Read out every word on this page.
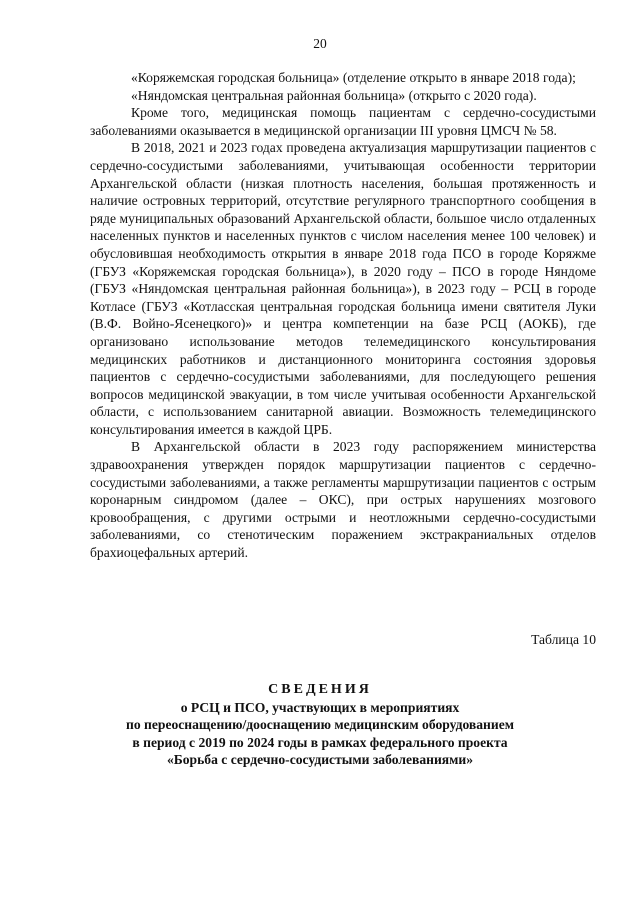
20

«Коряжемская городская больница» (отделение открыто в январе 2018 года);

«Няндомская центральная районная больница» (открыто с 2020 года).

Кроме того, медицинская помощь пациентам с сердечно-сосудистыми заболеваниями оказывается в медицинской организации III уровня ЦМСЧ № 58.

В 2018, 2021 и 2023 годах проведена актуализация маршрутизации пациентов с сердечно-сосудистыми заболеваниями, учитывающая особенности территории Архангельской области (низкая плотность населения, большая протяженность и наличие островных территорий, отсутствие регулярного транспортного сообщения в ряде муниципальных образований Архангельской области, большое число отдаленных населенных пунктов и населенных пунктов с числом населения менее 100 человек) и обусловившая необходимость открытия в январе 2018 года ПСО в городе Коряжме (ГБУЗ «Коряжемская городская больница»), в 2020 году – ПСО в городе Няндоме (ГБУЗ «Няндомская центральная районная больница»), в 2023 году – РСЦ в городе Котласе (ГБУЗ «Котласская центральная городская больница имени святителя Луки (В.Ф. Войно-Ясенецкого)» и центра компетенции на базе РСЦ (АОКБ), где организовано использование методов телемедицинского консультирования медицинских работников и дистанционного мониторинга состояния здоровья пациентов с сердечно-сосудистыми заболеваниями, для последующего решения вопросов медицинской эвакуации, в том числе учитывая особенности Архангельской области, с использованием санитарной авиации. Возможность телемедицинского консультирования имеется в каждой ЦРБ.

В Архангельской области в 2023 году распоряжением министерства здравоохранения утвержден порядок маршрутизации пациентов с сердечно-сосудистыми заболеваниями, а также регламенты маршрутизации пациентов с острым коронарным синдромом (далее – ОКС), при острых нарушениях мозгового кровообращения, с другими острыми и неотложными сердечно-сосудистыми заболеваниями, со стенотическим поражением экстракраниальных отделов брахиоцефальных артерий.

Таблица 10
СВЕДЕНИЯ
о РСЦ и ПСО, участвующих в мероприятиях
по переоснащению/дооснащению медицинским оборудованием
в период с 2019 по 2024 годы в рамках федерального проекта
«Борьба с сердечно-сосудистыми заболеваниями»
